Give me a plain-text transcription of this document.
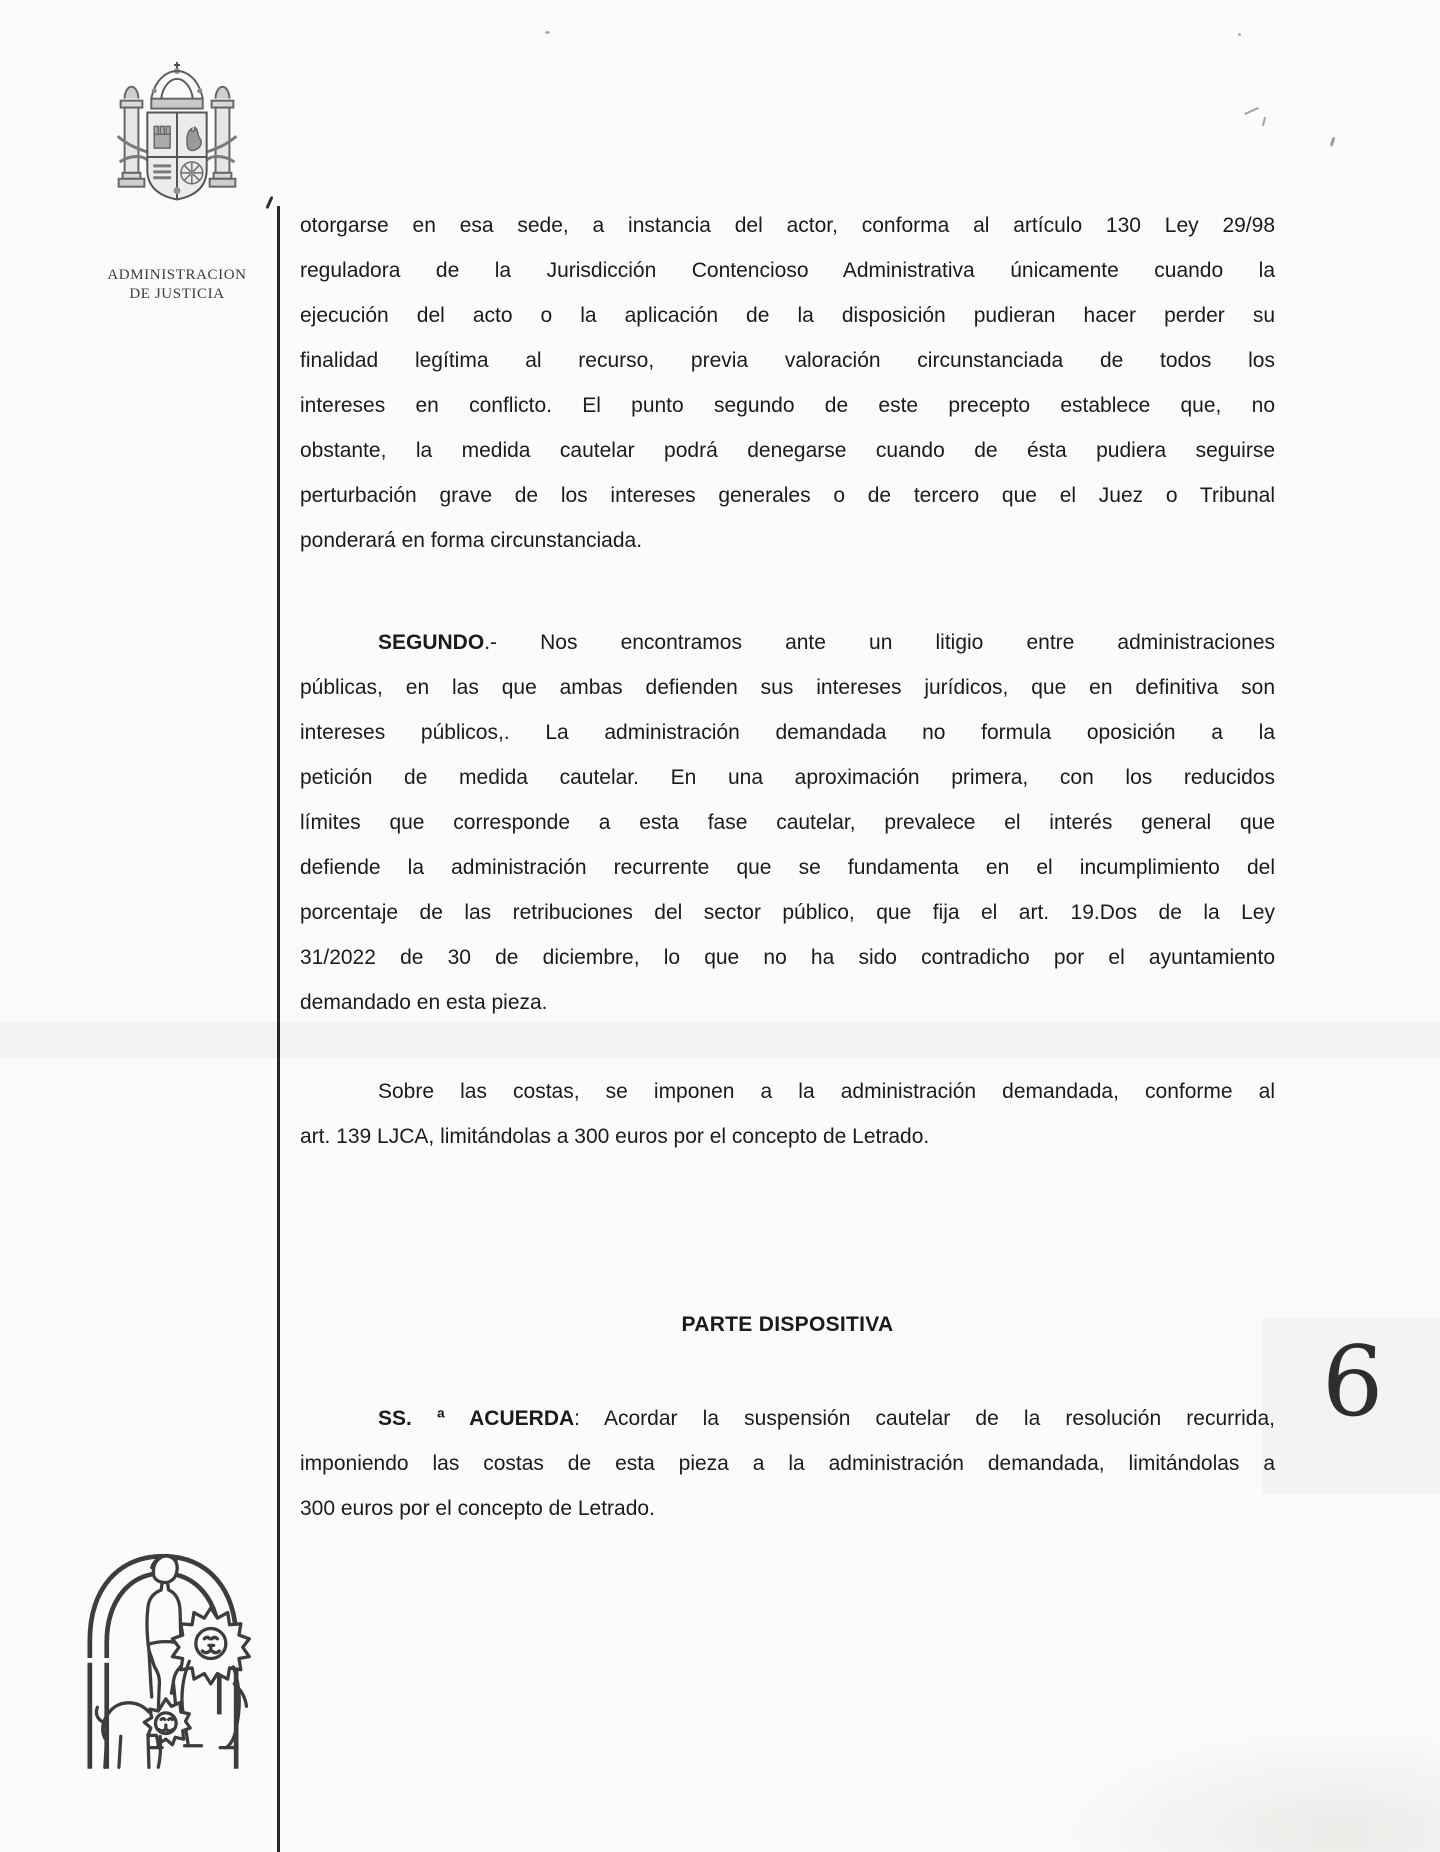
ADMINISTRACION
DE JUSTICIA
otorgarse en esa sede, a instancia del actor, conforma al artículo 130 Ley 29/98
reguladora de la Jurisdicción Contencioso Administrativa únicamente cuando la
ejecución del acto o la aplicación de la disposición pudieran hacer perder su
finalidad legítima al recurso, previa valoración circunstanciada de todos los
intereses en conflicto. El punto segundo de este precepto establece que, no
obstante, la medida cautelar podrá denegarse cuando de ésta pudiera seguirse
perturbación grave de los intereses generales o de tercero que el Juez o Tribunal
ponderará en forma circunstanciada.
SEGUNDO.- Nos encontramos ante un litigio entre administraciones
públicas, en las que ambas defienden sus intereses jurídicos, que en definitiva son
intereses públicos,. La administración demandada no formula oposición a la
petición de medida cautelar. En una aproximación primera, con los reducidos
límites que corresponde a esta fase cautelar, prevalece el interés general que
defiende la administración recurrente que se fundamenta en el incumplimiento del
porcentaje de las retribuciones del sector público, que fija el art. 19.Dos de la Ley
31/2022 de 30 de diciembre, lo que no ha sido contradicho por el ayuntamiento
demandado en esta pieza.
Sobre las costas, se imponen a la administración demandada, conforme al
art. 139 LJCA, limitándolas a 300 euros por el concepto de Letrado.
PARTE DISPOSITIVA
SS. ª ACUERDA: Acordar la suspensión cautelar de la resolución recurrida,
imponiendo las costas de esta pieza a la administración demandada, limitándolas a
300 euros por el concepto de Letrado.
6
